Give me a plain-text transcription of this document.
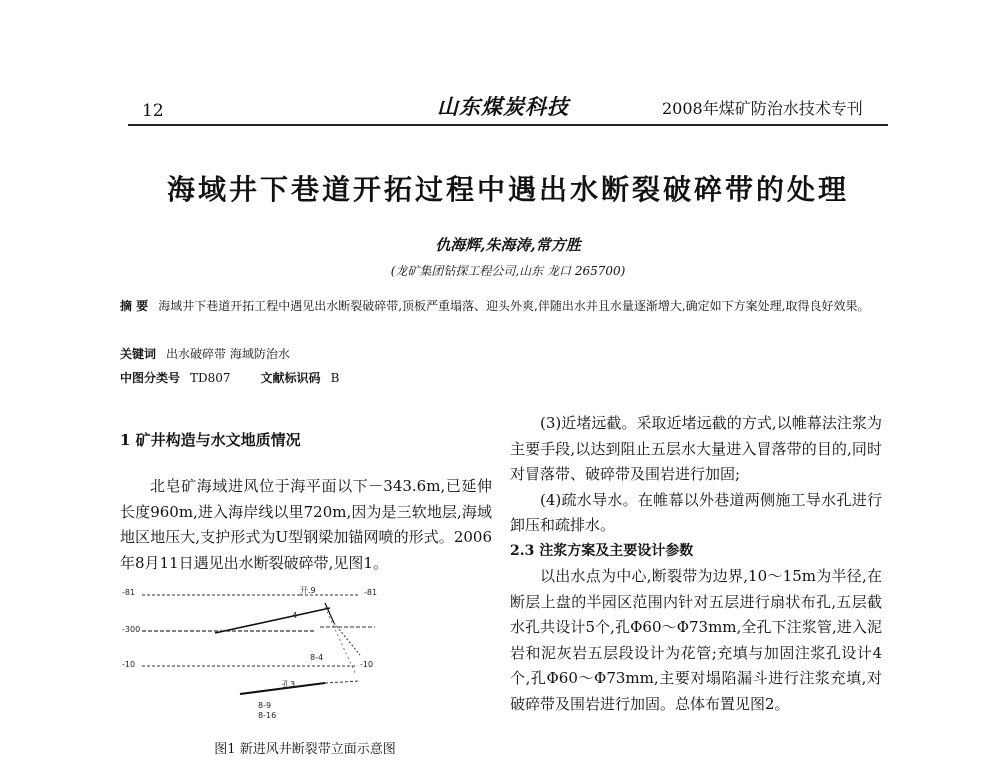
12	山东煤炭科技	2008年煤矿防治水技术专刊
海域井下巷道开拓过程中遇出水断裂破碎带的处理
仇海辉,朱海涛,常方胜
(龙矿集团钻探工程公司,山东 龙口 265700)
摘 要 海域井下巷道开拓工程中遇见出水断裂破碎带,顶板严重塌落、迎头外爽,伴随出水并且水量逐渐增大,确定如下方案处理,取得良好效果。
关键词 出水破碎带 海域防治水
中图分类号 TD807	文献标识码 B
1 矿井构造与水文地质情况

北皂矿海域进风位于海平面以下－343.6m,已延伸长度960m,进入海岸线以里720m,因为是三软地层,海域地区地压大,支护形式为U型钢梁加锚网喷的形式。2006年8月11日遇见出水断裂破碎带,见图1。

-81	开.9	-81
-300
4
-10	-10
8-4
孔3
8-9
8-16
图1 新进风井断裂带立面示意图

(3)近堵远截。采取近堵远截的方式,以帷幕法注浆为主要手段,以达到阻止五层水大量进入冒落带的目的,同时对冒落带、破碎带及围岩进行加固;

(4)疏水导水。在帷幕以外巷道两侧施工导水孔进行卸压和疏排水。

2.3 注浆方案及主要设计参数

以出水点为中心,断裂带为边界,10～15m为半径,在断层上盘的半园区范围内针对五层进行扇状布孔,五层截水孔共设计5个,孔Φ60～Φ73mm,全孔下注浆管,进入泥岩和泥灰岩五层段设计为花管;充填与加固注浆孔设计4个,孔Φ60～Φ73mm,主要对塌陷漏斗进行注浆充填,对破碎带及围岩进行加固。总体布置见图2。
